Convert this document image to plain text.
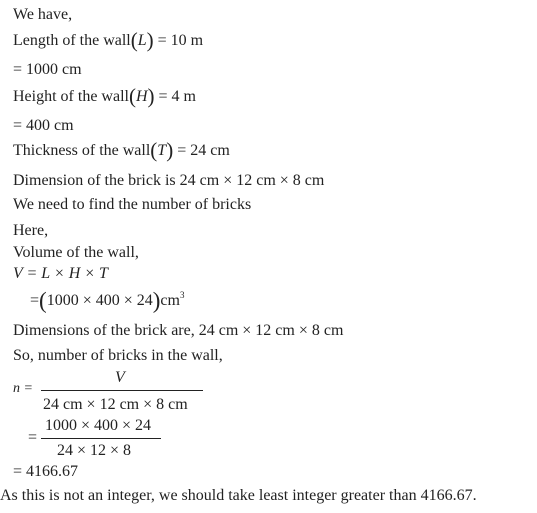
We have,
Length of the wall(L) = 10 m
= 1000 cm
Height of the wall(H) = 4 m
= 400 cm
Thickness of the wall(T) = 24 cm
Dimension of the brick is 24 cm × 12 cm × 8 cm
We need to find the number of bricks
Here,
Volume of the wall,
V = L × H × T
$=(1000 \times 400 \times 24)cm^3$
Dimensions of the brick are, 24 cm × 12 cm × 8 cm
So, number of bricks in the wall,
n =
V
24 cm × 12 cm × 8 cm
=
1000 × 400 × 24
24 × 12 × 8
= 4166.67
As this is not an integer, we should take least integer greater than 4166.67.
